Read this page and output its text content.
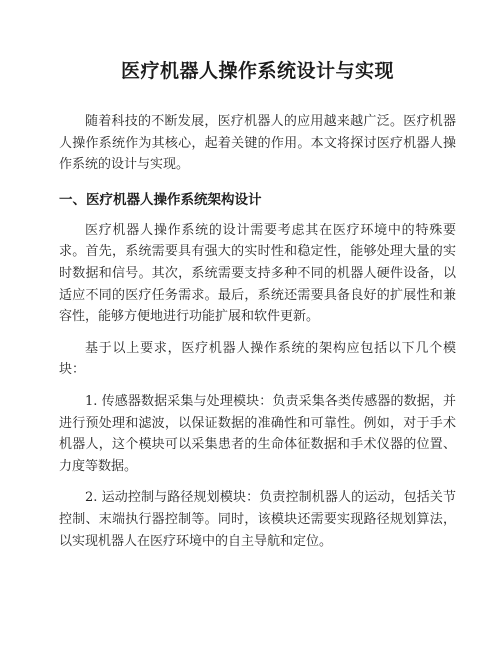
医疗机器人操作系统设计与实现

随着科技的不断发展，医疗机器人的应用越来越广泛。医疗机器人操作系统作为其核心，起着关键的作用。本文将探讨医疗机器人操作系统的设计与实现。

一、医疗机器人操作系统架构设计

医疗机器人操作系统的设计需要考虑其在医疗环境中的特殊要求。首先，系统需要具有强大的实时性和稳定性，能够处理大量的实时数据和信号。其次，系统需要支持多种不同的机器人硬件设备，以适应不同的医疗任务需求。最后，系统还需要具备良好的扩展性和兼容性，能够方便地进行功能扩展和软件更新。

基于以上要求，医疗机器人操作系统的架构应包括以下几个模块：

1. 传感器数据采集与处理模块：负责采集各类传感器的数据，并进行预处理和滤波，以保证数据的准确性和可靠性。例如，对于手术机器人，这个模块可以采集患者的生命体征数据和手术仪器的位置、力度等数据。

2. 运动控制与路径规划模块：负责控制机器人的运动，包括关节控制、末端执行器控制等。同时，该模块还需要实现路径规划算法，以实现机器人在医疗环境中的自主导航和定位。
